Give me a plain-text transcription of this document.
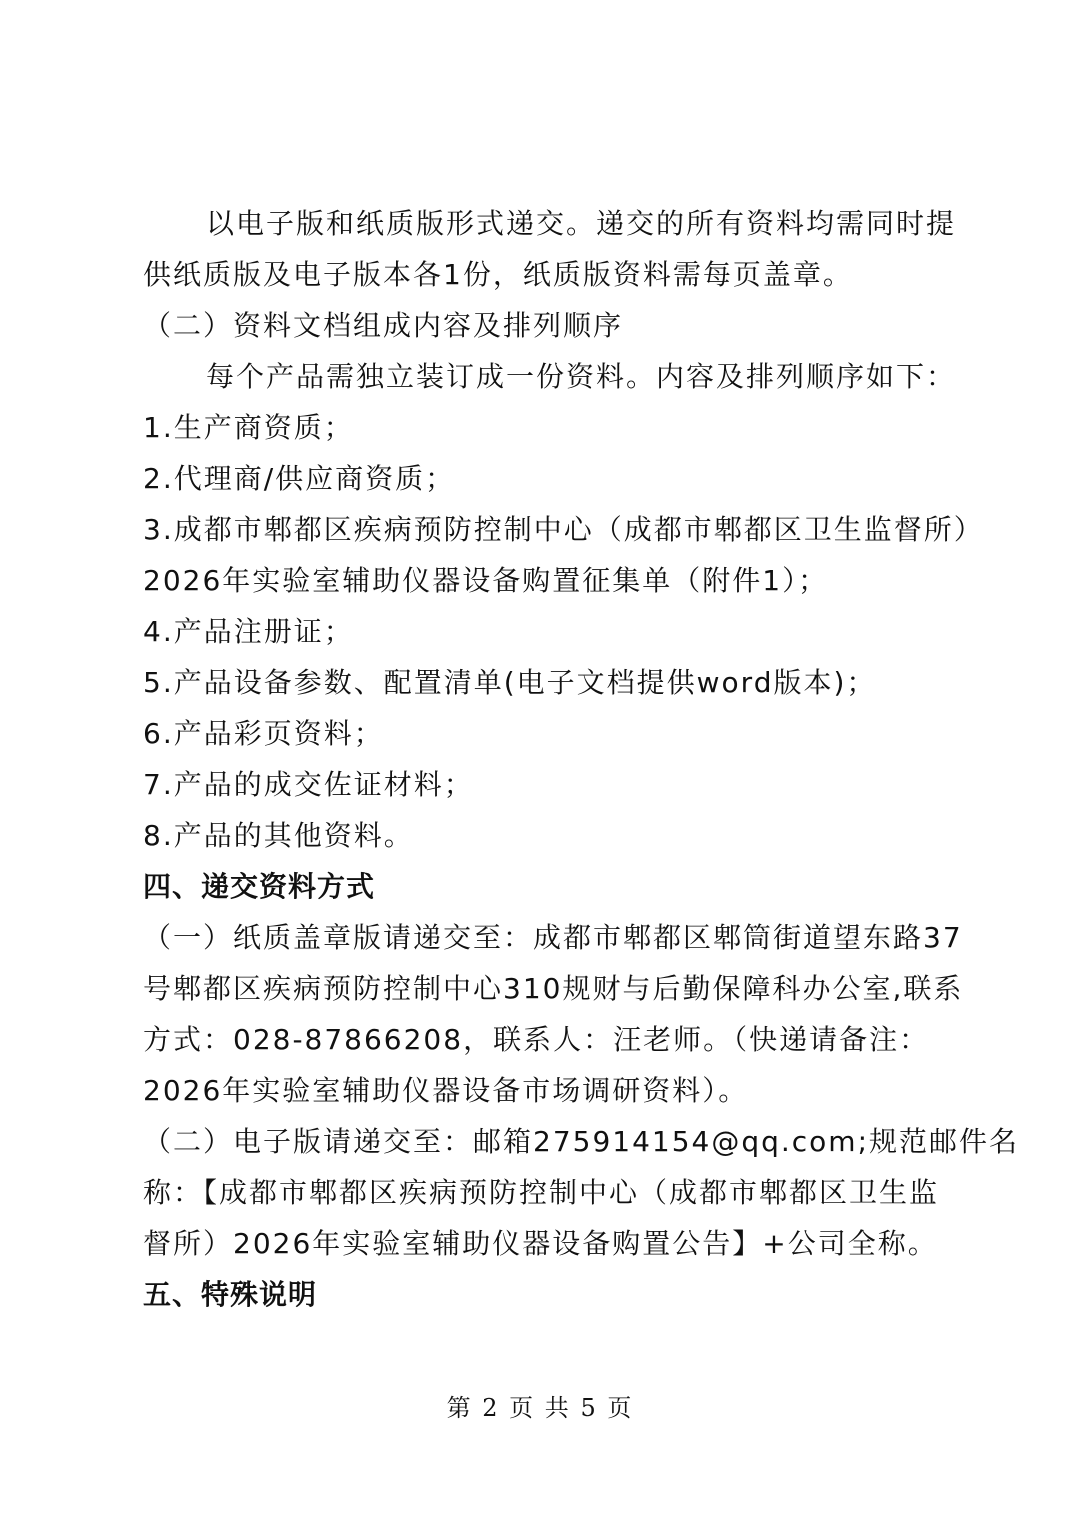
以电子版和纸质版形式递交。递交的所有资料均需同时提
供纸质版及电子版本各1份，纸质版资料需每页盖章。
（二）资料文档组成内容及排列顺序
每个产品需独立装订成一份资料。内容及排列顺序如下：
1.生产商资质；
2.代理商/供应商资质；
3.成都市郫都区疾病预防控制中心（成都市郫都区卫生监督所）
2026年实验室辅助仪器设备购置征集单（附件1）；
4.产品注册证；
5.产品设备参数、配置清单(电子文档提供word版本)；
6.产品彩页资料；
7.产品的成交佐证材料；
8.产品的其他资料。
四、递交资料方式
（一）纸质盖章版请递交至：成都市郫都区郫筒街道望东路37
号郫都区疾病预防控制中心310规财与后勤保障科办公室,联系
方式：028-87866208，联系人：汪老师。（快递请备注：
2026年实验室辅助仪器设备市场调研资料）。
（二）电子版请递交至：邮箱275914154@qq.com;规范邮件名
称：【成都市郫都区疾病预防控制中心（成都市郫都区卫生监
督所）2026年实验室辅助仪器设备购置公告】+公司全称。
五、特殊说明
第 2 页 共 5 页
